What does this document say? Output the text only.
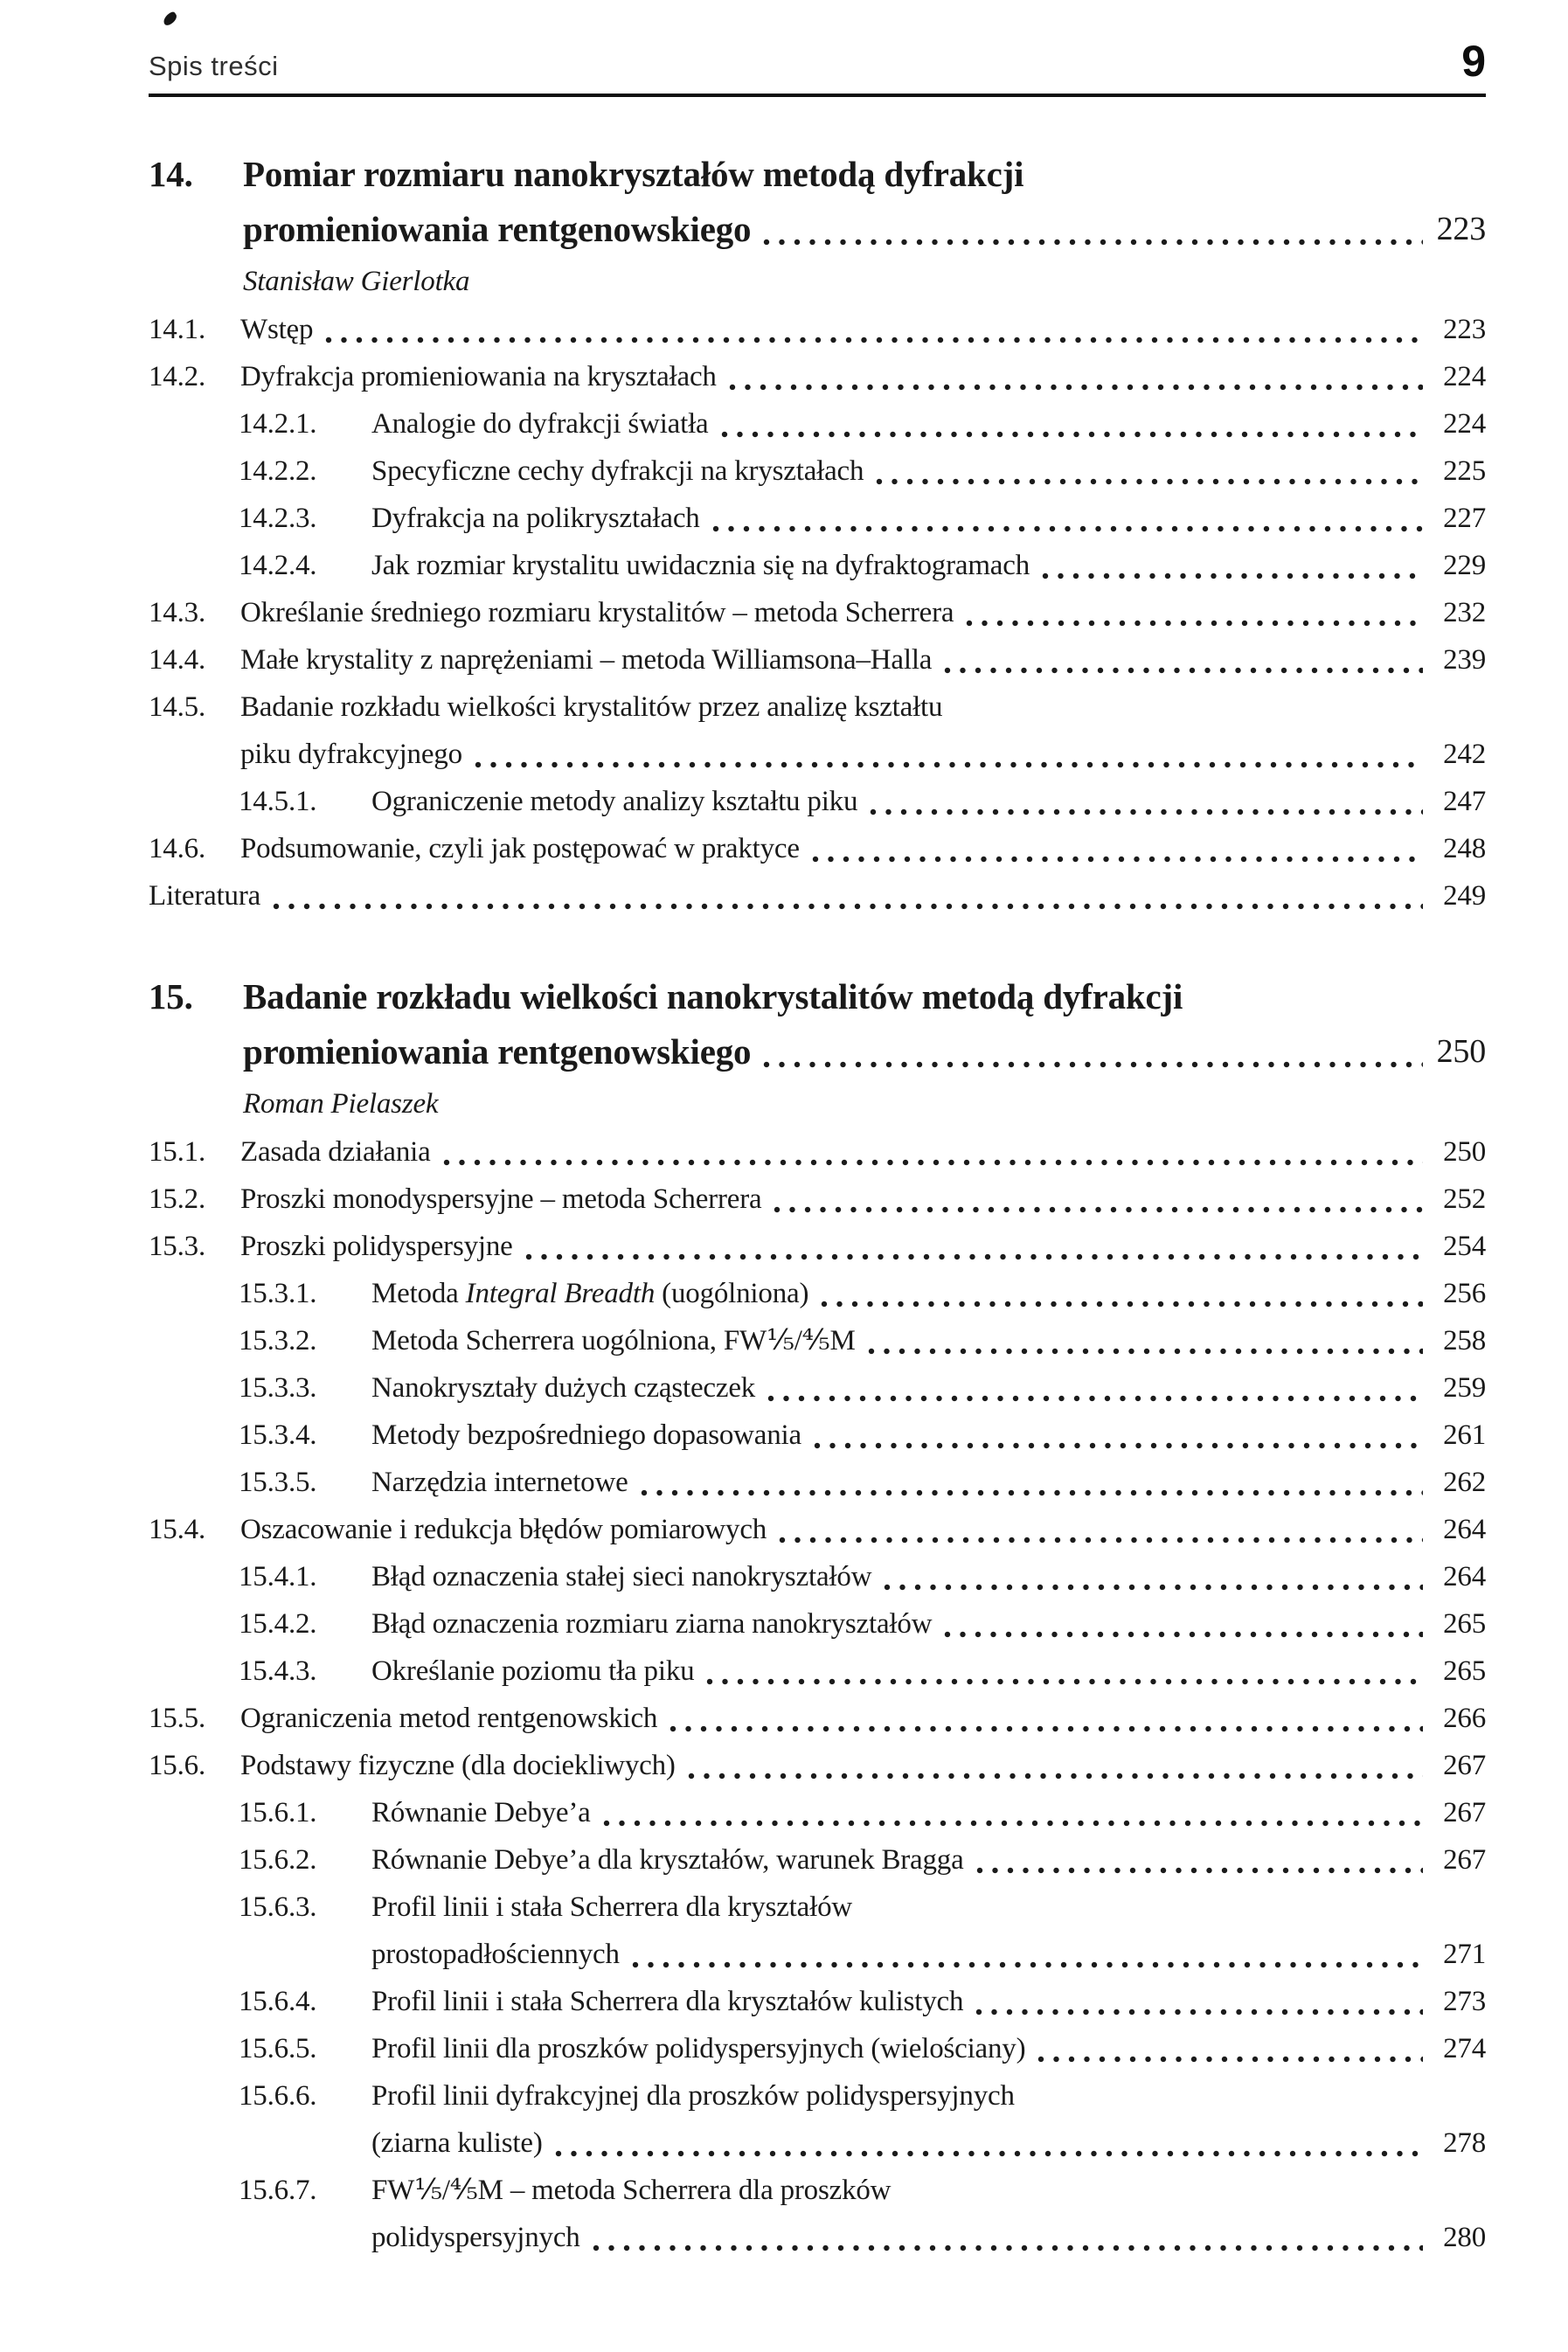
Spis treści	9
14.	Pomiar rozmiaru nanokryształów metodą dyfrakcji
promieniowania rentgenowskiego	223
Stanisław Gierlotka
14.1.	Wstęp	223
14.2.	Dyfrakcja promieniowania na kryształach	224
14.2.1.	Analogie do dyfrakcji światła	224
14.2.2.	Specyficzne cechy dyfrakcji na kryształach	225
14.2.3.	Dyfrakcja na polikryształach	227
14.2.4.	Jak rozmiar krystalitu uwidacznia się na dyfraktogramach	229
14.3.	Określanie średniego rozmiaru krystalitów – metoda Scherrera	232
14.4.	Małe krystality z naprężeniami – metoda Williamsona–Halla	239
14.5.	Badanie rozkładu wielkości krystalitów przez analizę kształtu
piku dyfrakcyjnego	242
14.5.1.	Ograniczenie metody analizy kształtu piku	247
14.6.	Podsumowanie, czyli jak postępować w praktyce	248
Literatura	249
15.	Badanie rozkładu wielkości nanokrystalitów metodą dyfrakcji
promieniowania rentgenowskiego	250
Roman Pielaszek
15.1.	Zasada działania	250
15.2.	Proszki monodyspersyjne – metoda Scherrera	252
15.3.	Proszki polidyspersyjne	254
15.3.1.	Metoda Integral Breadth (uogólniona)	256
15.3.2.	Metoda Scherrera uogólniona, FW⅕/⅘M	258
15.3.3.	Nanokryształy dużych cząsteczek	259
15.3.4.	Metody bezpośredniego dopasowania	261
15.3.5.	Narzędzia internetowe	262
15.4.	Oszacowanie i redukcja błędów pomiarowych	264
15.4.1.	Błąd oznaczenia stałej sieci nanokryształów	264
15.4.2.	Błąd oznaczenia rozmiaru ziarna nanokryształów	265
15.4.3.	Określanie poziomu tła piku	265
15.5.	Ograniczenia metod rentgenowskich	266
15.6.	Podstawy fizyczne (dla dociekliwych)	267
15.6.1.	Równanie Debye’a	267
15.6.2.	Równanie Debye’a dla kryształów, warunek Bragga	267
15.6.3.	Profil linii i stała Scherrera dla kryształów
prostopadłościennych	271
15.6.4.	Profil linii i stała Scherrera dla kryształów kulistych	273
15.6.5.	Profil linii dla proszków polidyspersyjnych (wielościany)	274
15.6.6.	Profil linii dyfrakcyjnej dla proszków polidyspersyjnych
(ziarna kuliste)	278
15.6.7.	FW⅕/⅘M – metoda Scherrera dla proszków
polidyspersyjnych	280
